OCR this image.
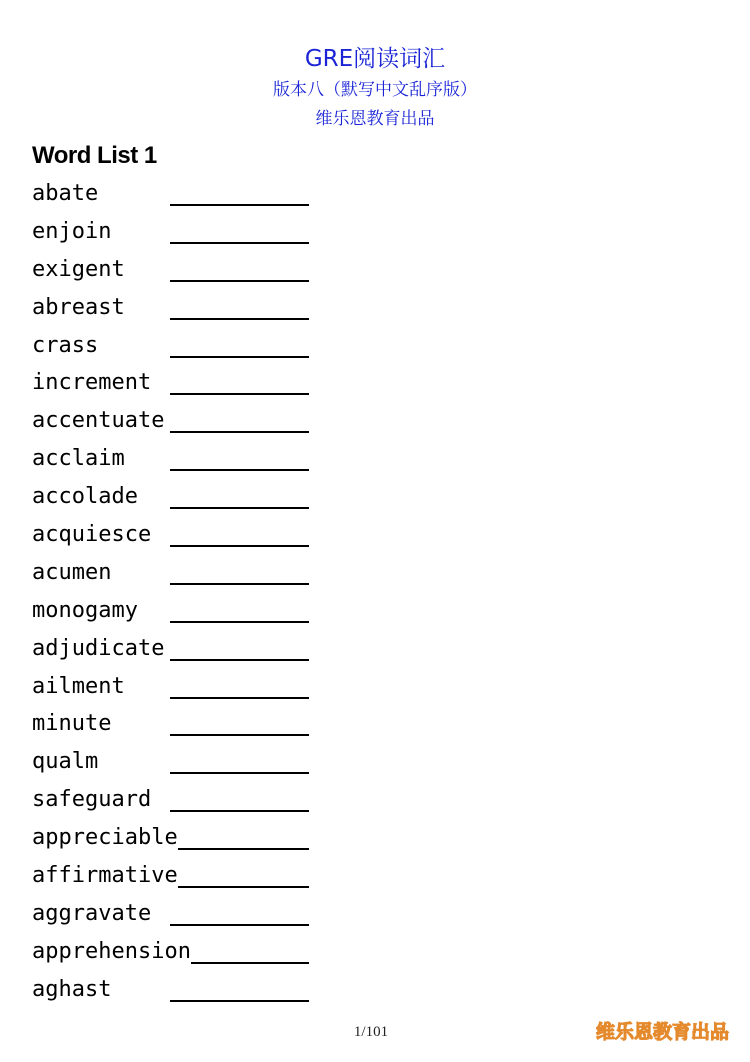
GRE阅读词汇
版本八（默写中文乱序版）
维乐恩教育出品
Word List 1
abate
enjoin
exigent
abreast
crass
increment
accentuate
acclaim
accolade
acquiesce
acumen
monogamy
adjudicate
ailment
minute
qualm
safeguard
appreciable
affirmative
aggravate
apprehension
aghast
1/101	维乐恩教育出品
